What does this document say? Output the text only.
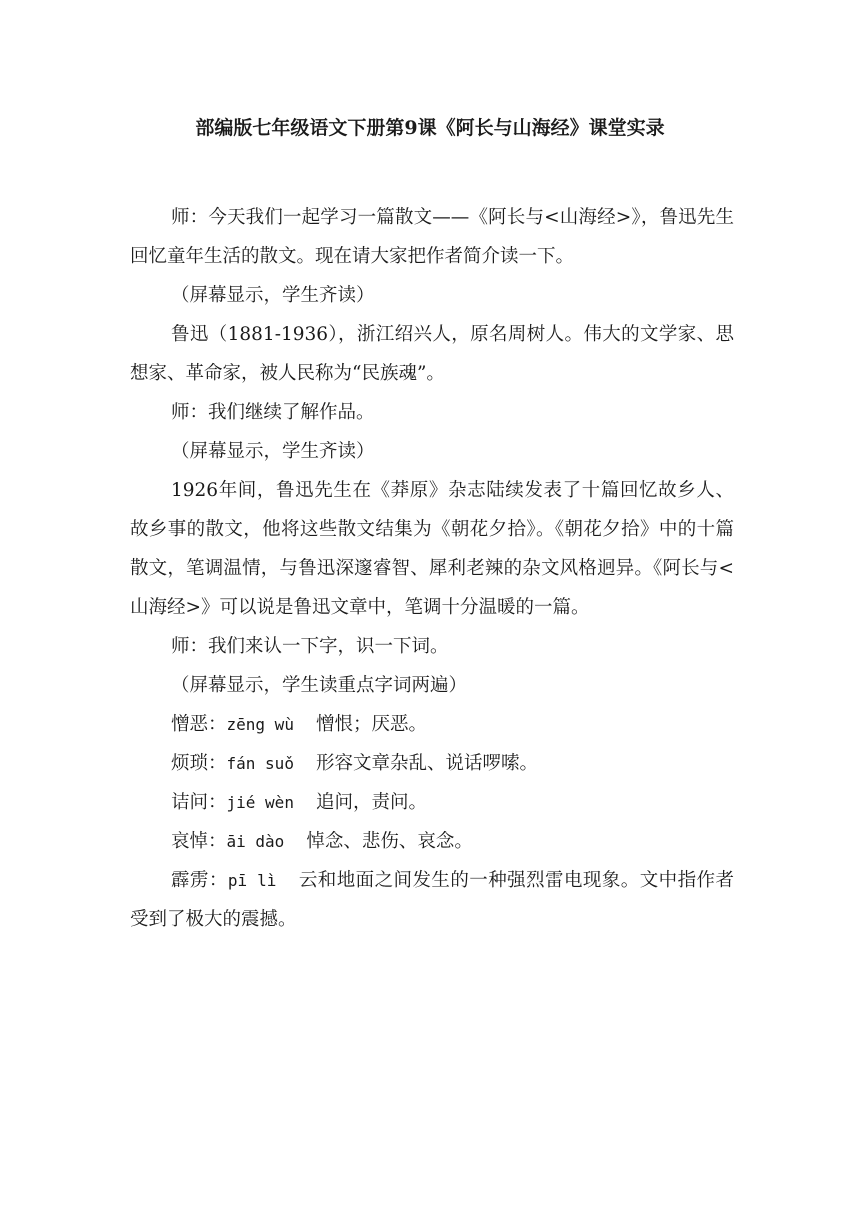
部编版七年级语文下册第9课《阿长与山海经》课堂实录

师：今天我们一起学习一篇散文——《阿长与<山海经>》，鲁迅先生回忆童年生活的散文。现在请大家把作者简介读一下。

（屏幕显示，学生齐读）

鲁迅（1881-1936），浙江绍兴人，原名周树人。伟大的文学家、思想家、革命家，被人民称为“民族魂”。

师：我们继续了解作品。

（屏幕显示，学生齐读）

1926年间，鲁迅先生在《莽原》杂志陆续发表了十篇回忆故乡人、故乡事的散文，他将这些散文结集为《朝花夕拾》。《朝花夕拾》中的十篇散文，笔调温情，与鲁迅深邃睿智、犀利老辣的杂文风格迥异。《阿长与<山海经>》可以说是鲁迅文章中，笔调十分温暖的一篇。

师：我们来认一下字，识一下词。

（屏幕显示，学生读重点字词两遍）

憎恶：zēng wù 憎恨；厌恶。

烦琐：fán suǒ 形容文章杂乱、说话啰嗦。

诘问：jié wèn 追问，责问。

哀悼：āi dào 悼念、悲伤、哀念。

霹雳：pī lì 云和地面之间发生的一种强烈雷电现象。文中指作者受到了极大的震撼。
